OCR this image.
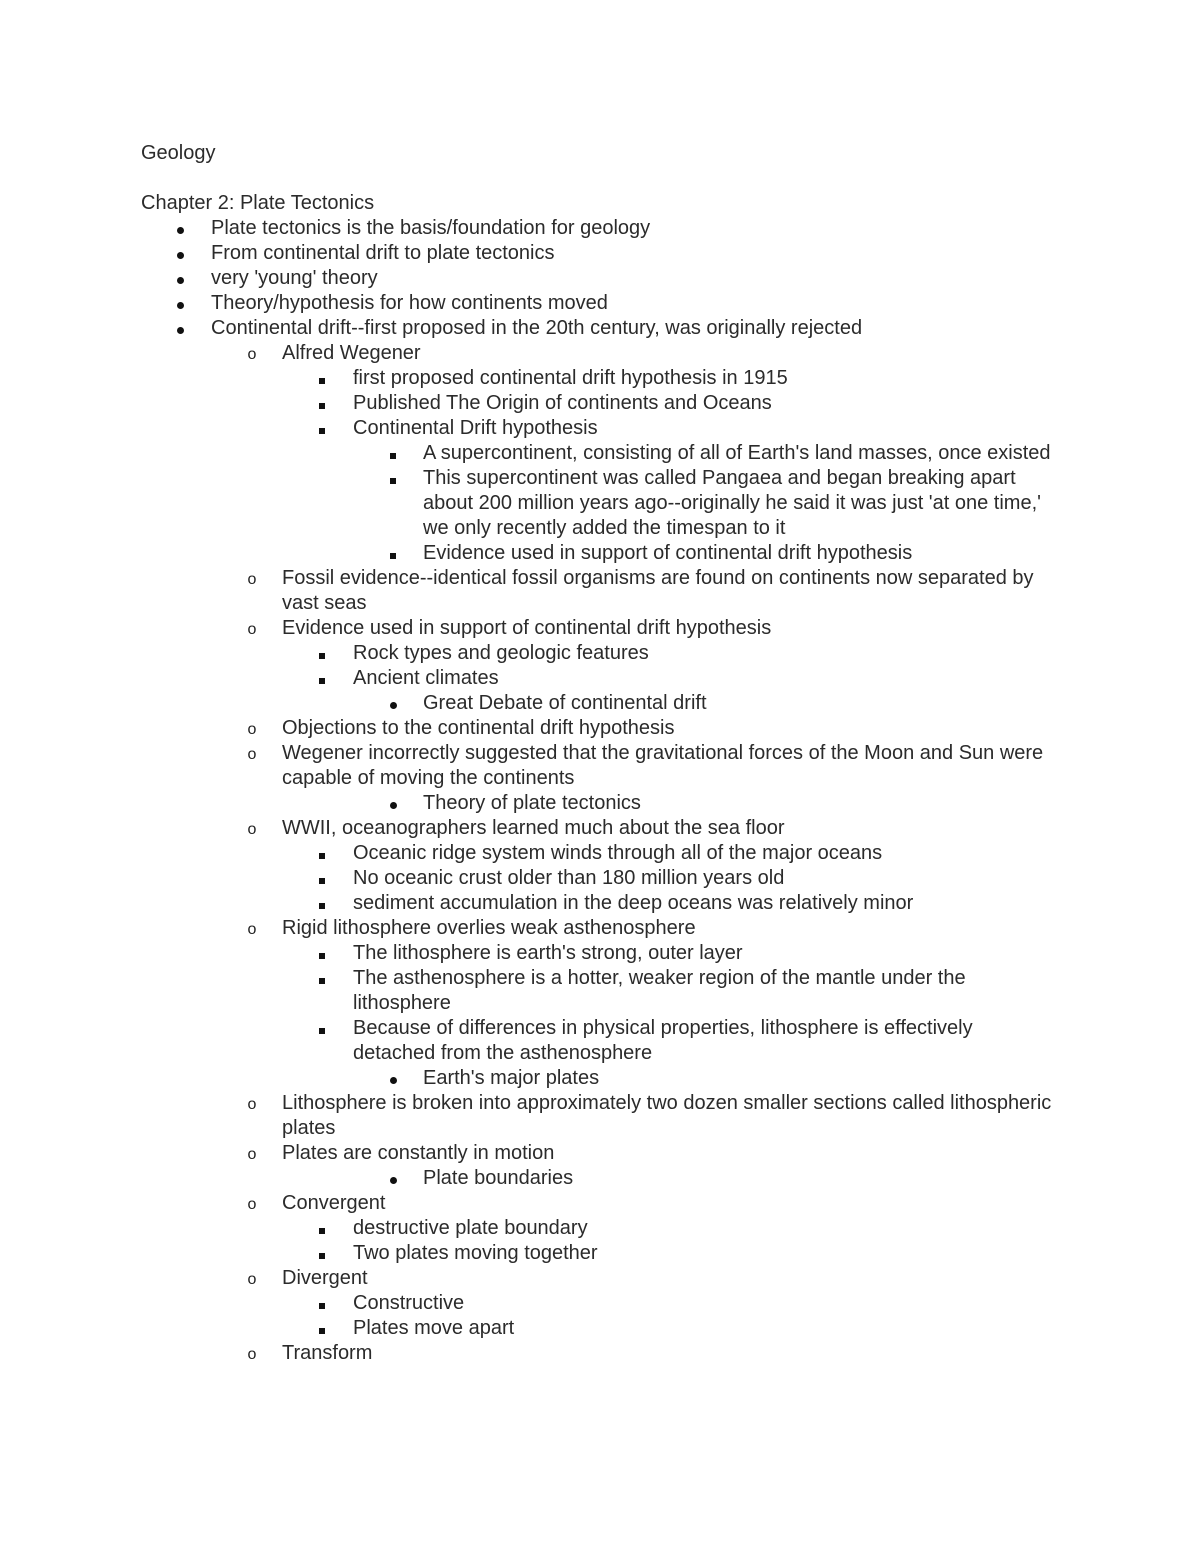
Geology
Chapter 2: Plate Tectonics
Plate tectonics is the basis/foundation for geology
From continental drift to plate tectonics
very 'young' theory
Theory/hypothesis for how continents moved
Continental drift--first proposed in the 20th century, was originally rejected
o Alfred Wegener
first proposed continental drift hypothesis in 1915
Published The Origin of continents and Oceans
Continental Drift hypothesis
A supercontinent, consisting of all of Earth's land masses, once existed
This supercontinent was called Pangaea and began breaking apart about 200 million years ago--originally he said it was just 'at one time,' we only recently added the timespan to it
Evidence used in support of continental drift hypothesis
o Fossil evidence--identical fossil organisms are found on continents now separated by vast seas
o Evidence used in support of continental drift hypothesis
Rock types and geologic features
Ancient climates
Great Debate of continental drift
o Objections to the continental drift hypothesis
o Wegener incorrectly suggested that the gravitational forces of the Moon and Sun were capable of moving the continents
Theory of plate tectonics
o WWII, oceanographers learned much about the sea floor
Oceanic ridge system winds through all of the major oceans
No oceanic crust older than 180 million years old
sediment accumulation in the deep oceans was relatively minor
o Rigid lithosphere overlies weak asthenosphere
The lithosphere is earth's strong, outer layer
The asthenosphere is a hotter, weaker region of the mantle under the lithosphere
Because of differences in physical properties, lithosphere is effectively detached from the asthenosphere
Earth's major plates
o Lithosphere is broken into approximately two dozen smaller sections called lithospheric plates
o Plates are constantly in motion
Plate boundaries
o Convergent
destructive plate boundary
Two plates moving together
o Divergent
Constructive
Plates move apart
o Transform
